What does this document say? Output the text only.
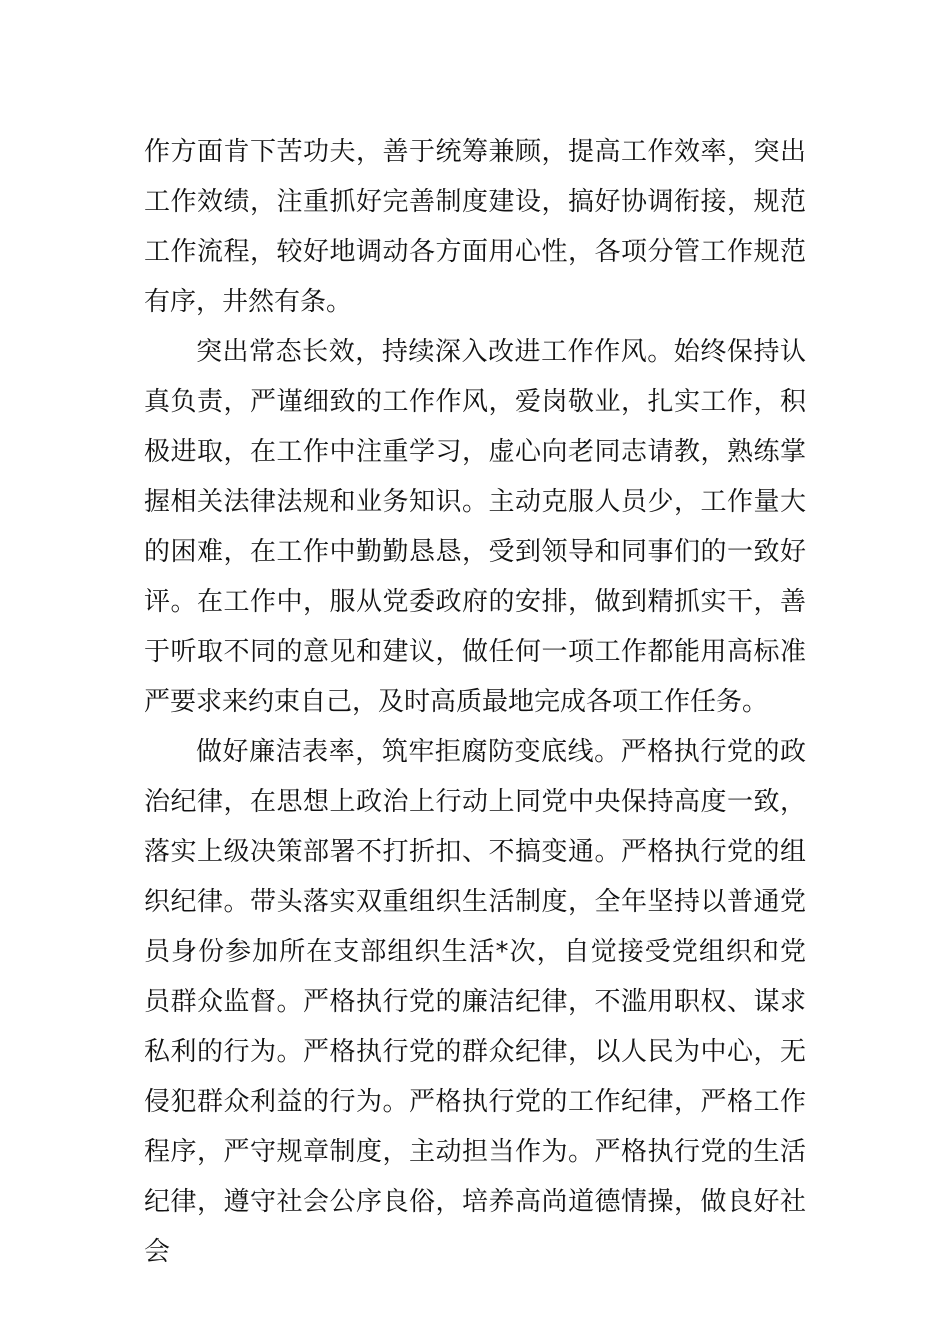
作方面肯下苦功夫，善于统筹兼顾，提高工作效率，突出工作效绩，注重抓好完善制度建设，搞好协调衔接，规范工作流程，较好地调动各方面用心性，各项分管工作规范有序，井然有条。

突出常态长效，持续深入改进工作作风。始终保持认真负责，严谨细致的工作作风，爱岗敬业，扎实工作，积极进取，在工作中注重学习，虚心向老同志请教，熟练掌握相关法律法规和业务知识。主动克服人员少，工作量大的困难，在工作中勤勤恳恳，受到领导和同事们的一致好评。在工作中，服从党委政府的安排，做到精抓实干，善于听取不同的意见和建议，做任何一项工作都能用高标准严要求来约束自己，及时高质最地完成各项工作任务。

做好廉洁表率，筑牢拒腐防变底线。严格执行党的政治纪律，在思想上政治上行动上同党中央保持高度一致，落实上级决策部署不打折扣、不搞变通。严格执行党的组织纪律。带头落实双重组织生活制度，全年坚持以普通党员身份参加所在支部组织生活*次，自觉接受党组织和党员群众监督。严格执行党的廉洁纪律，不滥用职权、谋求私利的行为。严格执行党的群众纪律，以人民为中心，无侵犯群众利益的行为。严格执行党的工作纪律，严格工作程序，严守规章制度，主动担当作为。严格执行党的生活纪律，遵守社会公序良俗，培养高尚道德情操，做良好社会
